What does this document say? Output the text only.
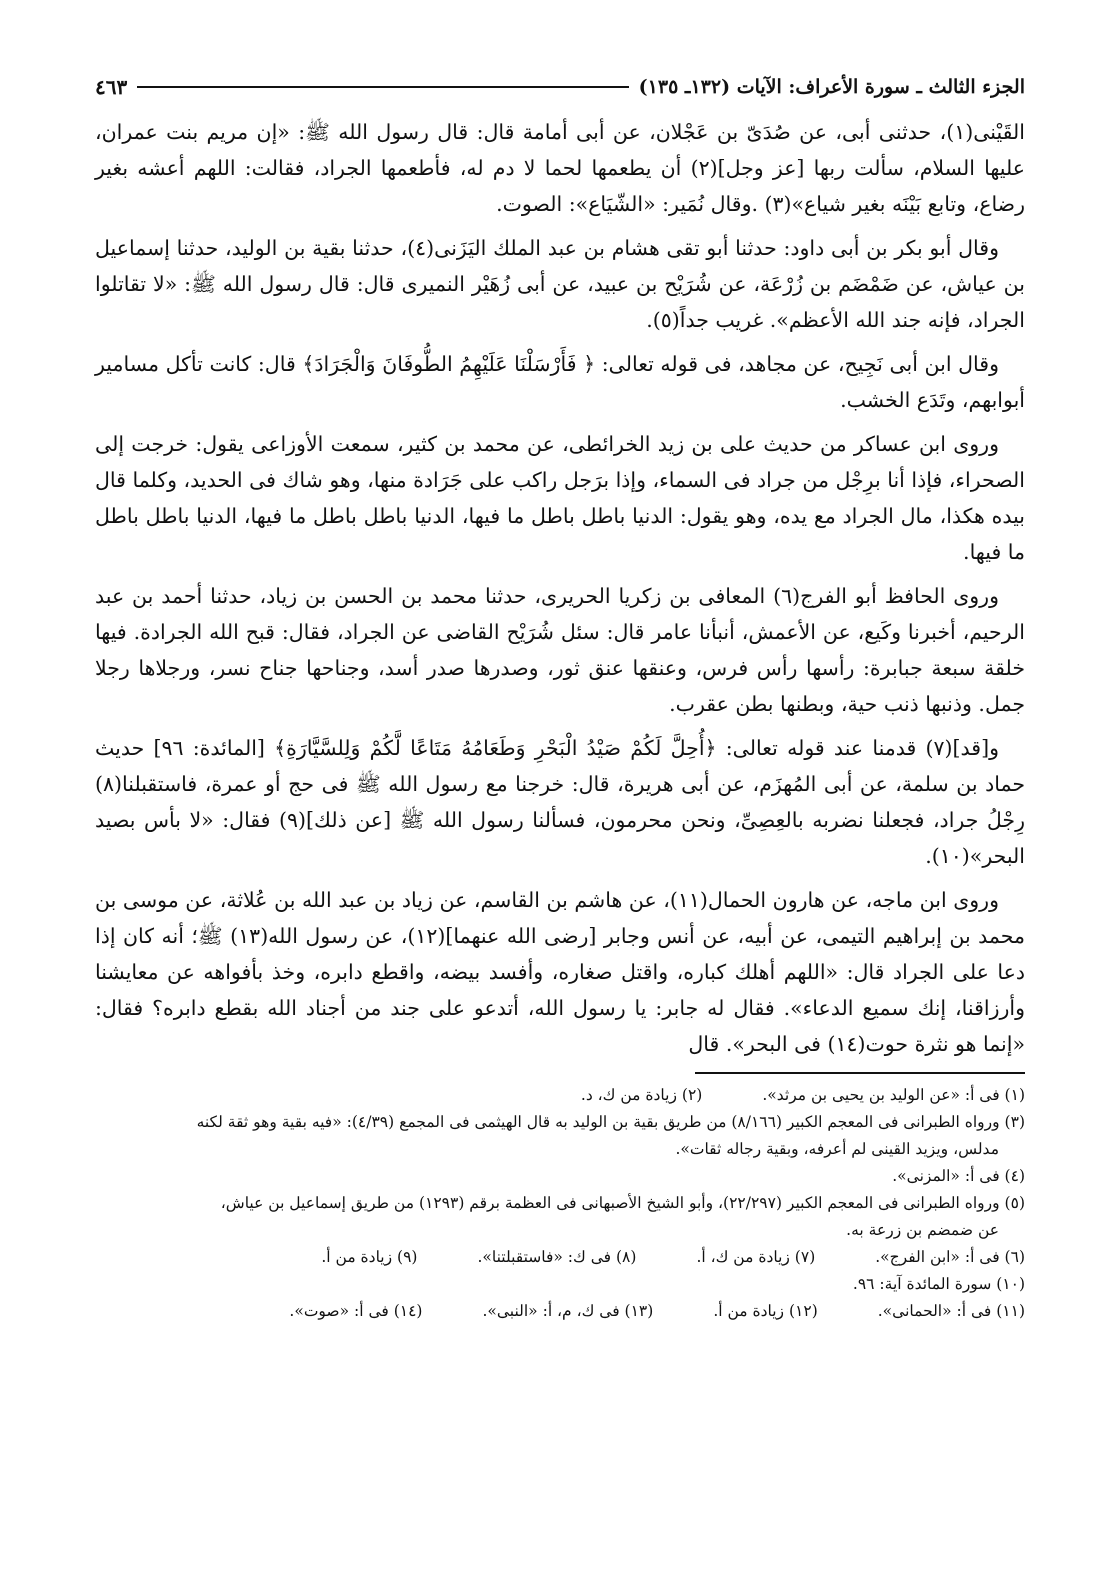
الجزء الثالث ـ سورة الأعراف: الآيات (١٣٢ـ ١٣٥)
٤٦٣

القَيْنى(١)، حدثنى أبى، عن صُدَىّ بن عَجْلان، عن أبى أمامة قال: قال رسول الله ﷺ: «إن مريم بنت عمران، عليها السلام، سألت ربها [عز وجل](٢) أن يطعمها لحما لا دم له، فأطعمها الجراد، فقالت: اللهم أعشه بغير رضاع، وتابع بَيْنَه بغير شياع»(٣) .وقال نُمَير: «الشّيَاع»: الصوت.

وقال أبو بكر بن أبى داود: حدثنا أبو تقى هشام بن عبد الملك اليَزَنى(٤)، حدثنا بقية بن الوليد، حدثنا إسماعيل بن عياش، عن ضَمْضَم بن زُرْعَة، عن شُرَيْح بن عبيد، عن أبى زُهَيْر النميرى قال: قال رسول الله ﷺ: «لا تقاتلوا الجراد، فإنه جند الله الأعظم». غريب جداً(٥).

وقال ابن أبى نَجِيح، عن مجاهد، فى قوله تعالى: ﴿ فَأَرْسَلْنَا عَلَيْهِمُ الطُّوفَانَ وَالْجَرَادَ﴾ قال: كانت تأكل مسامير أبوابهم، وتَدَع الخشب.

وروى ابن عساكر من حديث على بن زيد الخرائطى، عن محمد بن كثير، سمعت الأوزاعى يقول: خرجت إلى الصحراء، فإذا أنا برِجْل من جراد فى السماء، وإذا برَجل راكب على جَرَادة منها، وهو شاك فى الحديد، وكلما قال بيده هكذا، مال الجراد مع يده، وهو يقول: الدنيا باطل باطل ما فيها، الدنيا باطل باطل ما فيها، الدنيا باطل باطل ما فيها.

وروى الحافظ أبو الفرج(٦) المعافى بن زكريا الحريرى، حدثنا محمد بن الحسن بن زياد، حدثنا أحمد بن عبد الرحيم، أخبرنا وكَيع، عن الأعمش، أنبأنا عامر قال: سئل شُرَيْح القاضى عن الجراد، فقال: قبح الله الجرادة. فيها خلقة سبعة جبابرة: رأسها رأس فرس، وعنقها عنق ثور، وصدرها صدر أسد، وجناحها جناح نسر، ورجلاها رجلا جمل. وذنبها ذنب حية، وبطنها بطن عقرب.

و[قد](٧) قدمنا عند قوله تعالى: ﴿أُحِلَّ لَكُمْ صَيْدُ الْبَحْرِ وَطَعَامُهُ مَتَاعًا لَّكُمْ وَلِلسَّيَّارَةِ﴾ [المائدة: ٩٦] حديث حماد بن سلمة، عن أبى المُهزَم، عن أبى هريرة، قال: خرجنا مع رسول الله ﷺ فى حج أو عمرة، فاستقبلنا(٨) رِجْلُ جراد، فجعلنا نضربه بالعِصِىِّ، ونحن محرمون، فسألنا رسول الله ﷺ [عن ذلك](٩) فقال: «لا بأس بصيد البحر»(١٠).

وروى ابن ماجه، عن هارون الحمال(١١)، عن هاشم بن القاسم، عن زياد بن عبد الله بن عُلاثة، عن موسى بن محمد بن إبراهيم التيمى، عن أبيه، عن أنس وجابر [رضى الله عنهما](١٢)، عن رسول الله(١٣) ﷺ؛ أنه كان إذا دعا على الجراد قال: «اللهم أهلك كباره، واقتل صغاره، وأفسد بيضه، واقطع دابره، وخذ بأفواهه عن معايشنا وأرزاقنا، إنك سميع الدعاء». فقال له جابر: يا رسول الله، أتدعو على جند من أجناد الله بقطع دابره؟ فقال: «إنما هو نثرة حوت(١٤) فى البحر». قال

(١) فى أ: «عن الوليد بن يحيى بن مرثد».

(٢) زيادة من ك، د.

(٣) ورواه الطبرانى فى المعجم الكبير (٨/١٦٦) من طريق بقية بن الوليد به قال الهيثمى فى المجمع (٤/٣٩): «فيه بقية وهو ثقة لكنه

مدلس، ويزيد القينى لم أعرفه، وبقية رجاله ثقات».

(٤) فى أ: «المزنى».

(٥) ورواه الطبرانى فى المعجم الكبير (٢٢/٢٩٧)، وأبو الشيخ الأصبهانى فى العظمة برقم (١٢٩٣) من طريق إسماعيل بن عياش،

عن ضمضم بن زرعة به.

(٦) فى أ: «ابن الفرج».

(٧) زيادة من ك، أ.

(٨) فى ك: «فاستقبلتنا».

(٩) زيادة من أ.

(١٠) سورة المائدة آية: ٩٦.

(١١) فى أ: «الحمانى».

(١٢) زيادة من أ.

(١٣) فى ك، م، أ: «النبى».

(١٤) فى أ: «صوت».
